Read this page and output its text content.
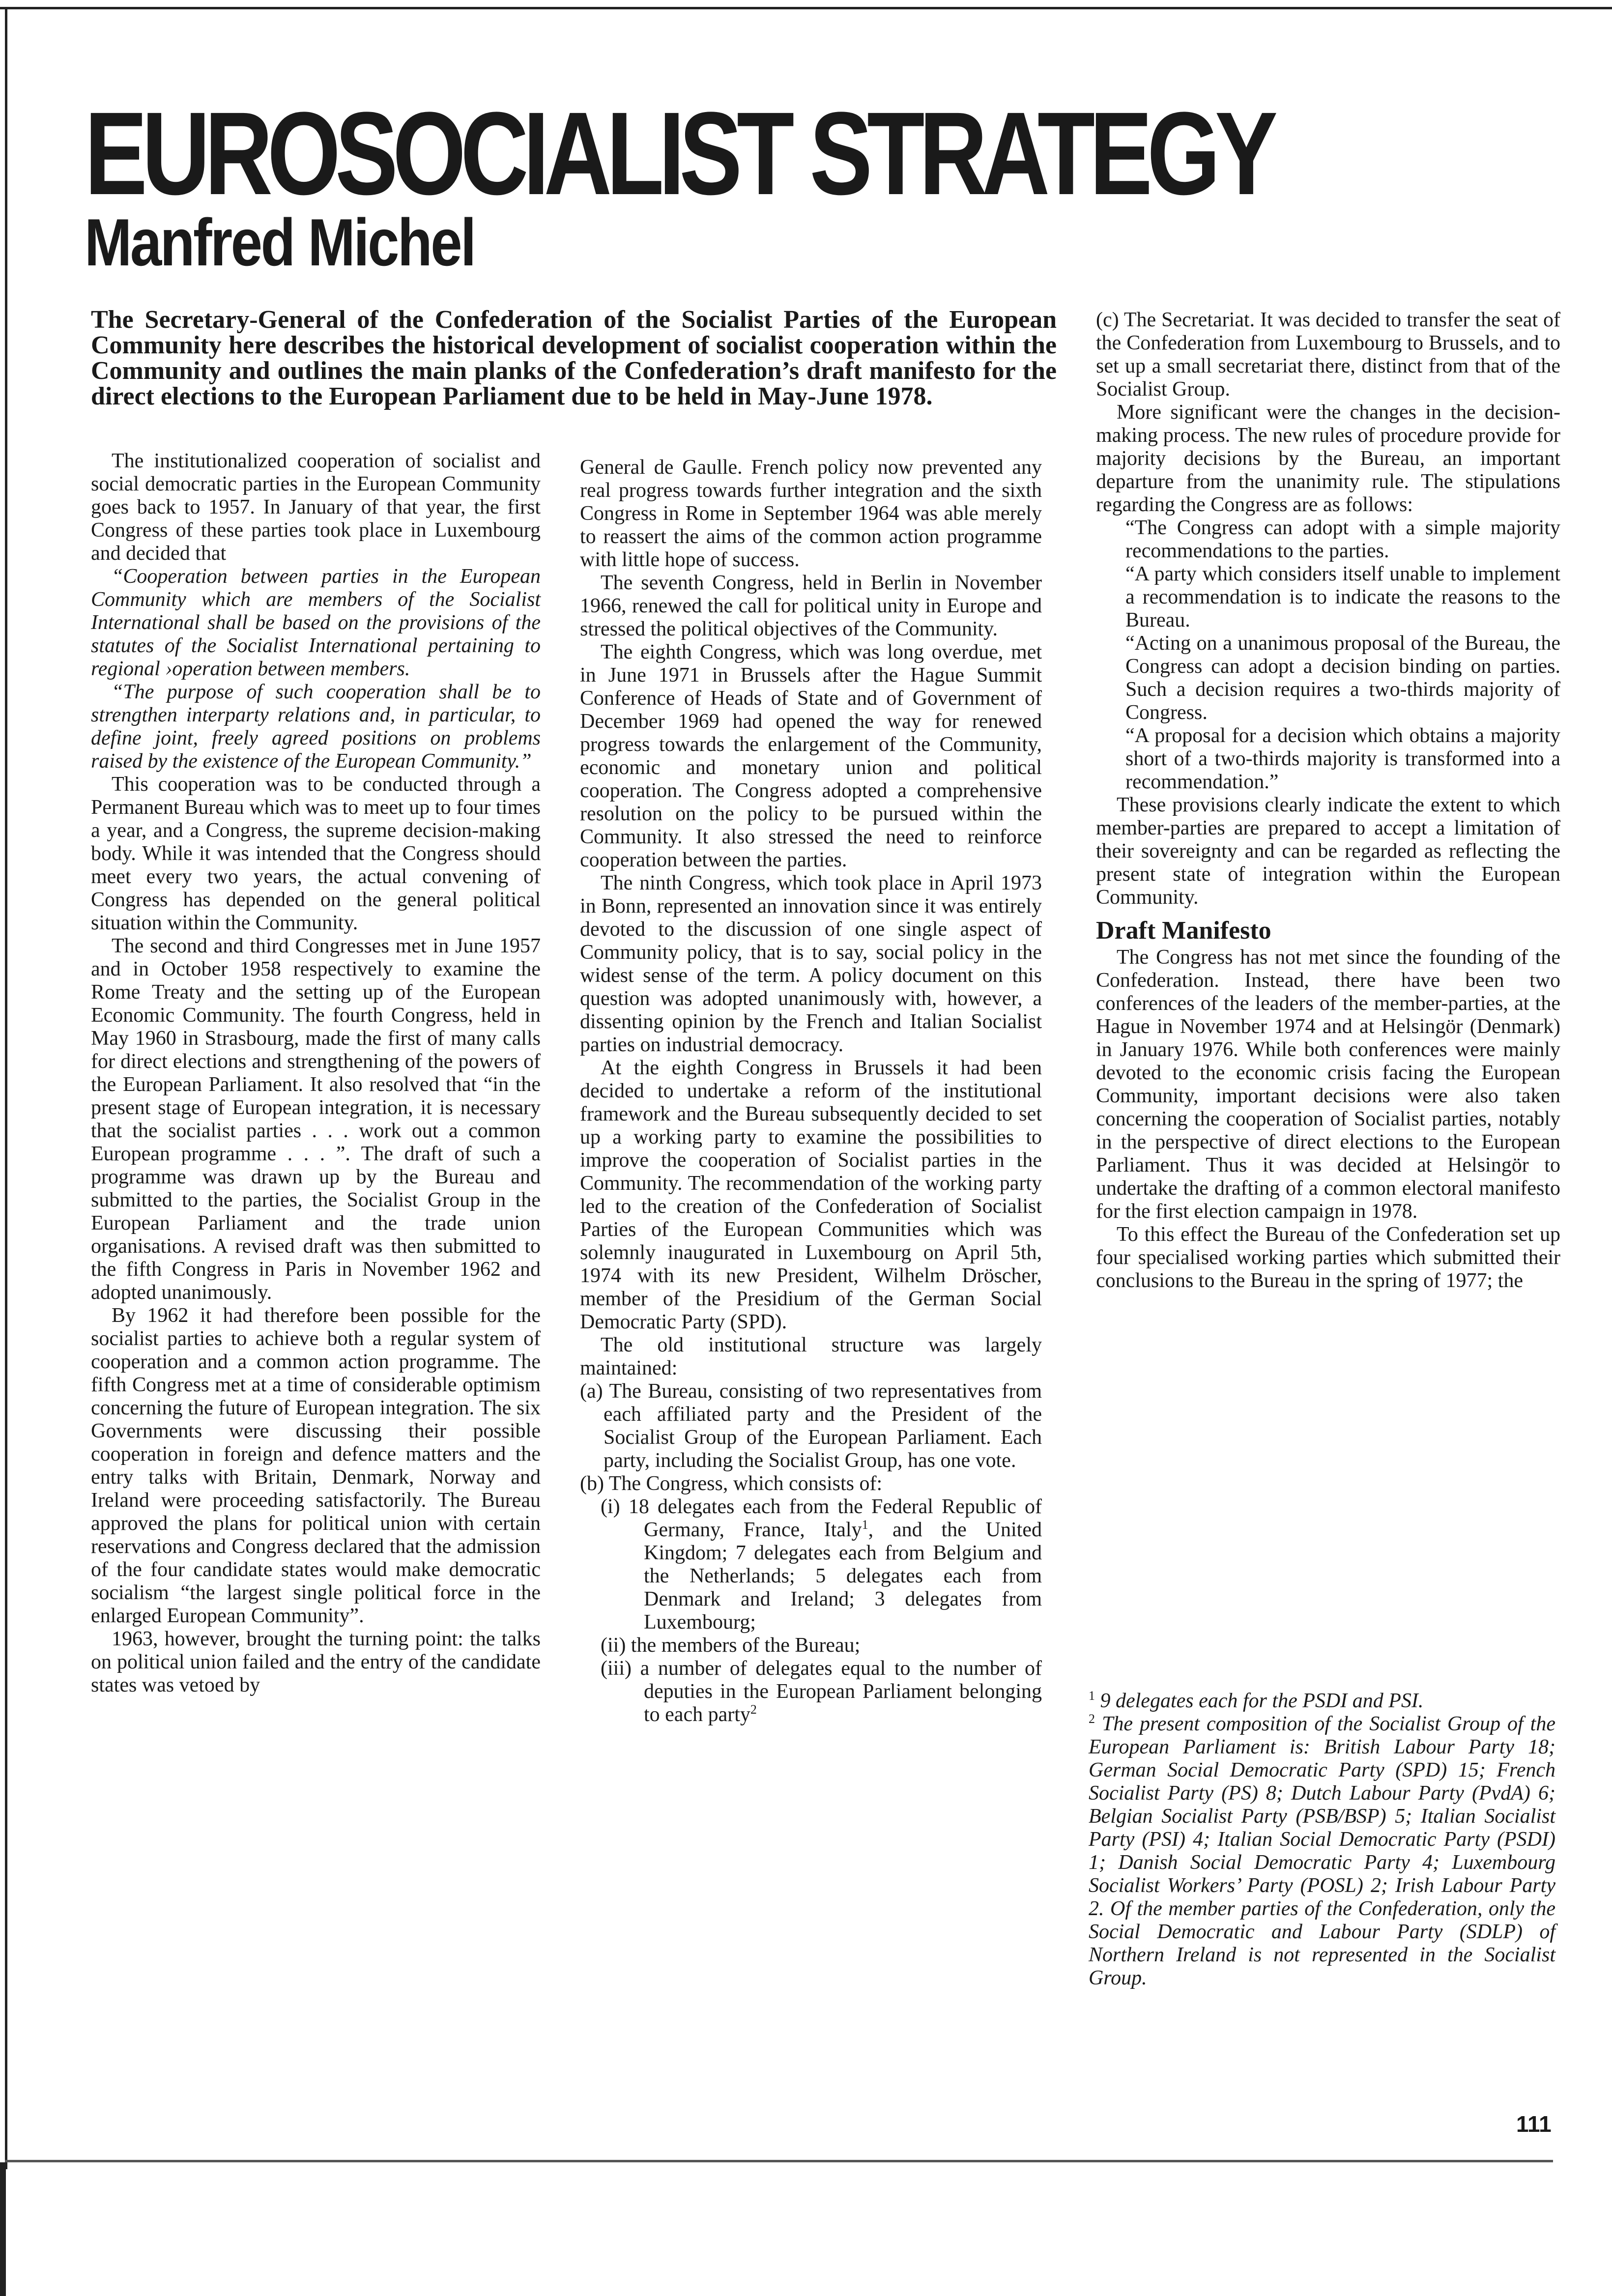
EUROSOCIALIST STRATEGY
Manfred Michel

The Secretary-General of the Confederation of the Socialist Parties of the European Community here describes the historical development of socialist cooperation within the Community and outlines the main planks of the Confederation’s draft manifesto for the direct elections to the European Parliament due to be held in May-June 1978.

The institutionalized cooperation of socialist and social democratic parties in the European Community goes back to 1957. In January of that year, the first Congress of these parties took place in Luxembourg and decided that

“Cooperation between parties in the European Community which are members of the Socialist International shall be based on the provisions of the statutes of the Socialist International pertaining to regional ›operation between members.

“The purpose of such cooperation shall be to strengthen interparty relations and, in particular, to define joint, freely agreed positions on problems raised by the existence of the European Community.”

This cooperation was to be conducted through a Permanent Bureau which was to meet up to four times a year, and a Congress, the supreme decision-making body. While it was intended that the Congress should meet every two years, the actual convening of Congress has depended on the general political situation within the Community.

The second and third Congresses met in June 1957 and in October 1958 respectively to examine the Rome Treaty and the setting up of the European Economic Community. The fourth Congress, held in May 1960 in Strasbourg, made the first of many calls for direct elections and strengthening of the powers of the European Parliament. It also resolved that “in the present stage of European integration, it is necessary that the socialist parties . . . work out a common European programme . . . ”. The draft of such a programme was drawn up by the Bureau and submitted to the parties, the Socialist Group in the European Parliament and the trade union organisations. A revised draft was then submitted to the fifth Congress in Paris in November 1962 and adopted unanimously.

By 1962 it had therefore been possible for the socialist parties to achieve both a regular system of cooperation and a common action programme. The fifth Congress met at a time of considerable optimism concerning the future of European integration. The six Governments were discussing their possible cooperation in foreign and defence matters and the entry talks with Britain, Denmark, Norway and Ireland were proceeding satisfactorily. The Bureau approved the plans for political union with certain reservations and Congress declared that the admission of the four candidate states would make democratic socialism “the largest single political force in the enlarged European Community”.

1963, however, brought the turning point: the talks on political union failed and the entry of the candidate states was vetoed by

General de Gaulle. French policy now prevented any real progress towards further integration and the sixth Congress in Rome in September 1964 was able merely to reassert the aims of the common action programme with little hope of success.

The seventh Congress, held in Berlin in November 1966, renewed the call for political unity in Europe and stressed the political objectives of the Community.

The eighth Congress, which was long overdue, met in June 1971 in Brussels after the Hague Summit Conference of Heads of State and of Government of December 1969 had opened the way for renewed progress towards the enlargement of the Community, economic and monetary union and political cooperation. The Congress adopted a comprehensive resolution on the policy to be pursued within the Community. It also stressed the need to reinforce cooperation between the parties.

The ninth Congress, which took place in April 1973 in Bonn, represented an innovation since it was entirely devoted to the discussion of one single aspect of Community policy, that is to say, social policy in the widest sense of the term. A policy document on this question was adopted unanimously with, however, a dissenting opinion by the French and Italian Socialist parties on industrial democracy.

At the eighth Congress in Brussels it had been decided to undertake a reform of the institutional framework and the Bureau subsequently decided to set up a working party to examine the possibilities to improve the cooperation of Socialist parties in the Community. The recommendation of the working party led to the creation of the Confederation of Socialist Parties of the European Communities which was solemnly inaugurated in Luxembourg on April 5th, 1974 with its new President, Wilhelm Dröscher, member of the Presidium of the German Social Democratic Party (SPD).

The old institutional structure was largely maintained:

(a) The Bureau, consisting of two representatives from each affiliated party and the President of the Socialist Group of the European Parliament. Each party, including the Socialist Group, has one vote.

(b) The Congress, which consists of:

(i) 18 delegates each from the Federal Republic of Germany, France, Italy$^1$, and the United Kingdom; 7 delegates each from Belgium and the Netherlands; 5 delegates each from Denmark and Ireland; 3 delegates from Luxembourg;

(ii) the members of the Bureau;

(iii) a number of delegates equal to the number of deputies in the European Parliament belonging to each party$^2$

(c) The Secretariat. It was decided to transfer the seat of the Confederation from Luxembourg to Brussels, and to set up a small secretariat there, distinct from that of the Socialist Group.

More significant were the changes in the decision-making process. The new rules of procedure provide for majority decisions by the Bureau, an important departure from the unanimity rule. The stipulations regarding the Congress are as follows:

“The Congress can adopt with a simple majority recommendations to the parties.

“A party which considers itself unable to implement a recommendation is to indicate the reasons to the Bureau.

“Acting on a unanimous proposal of the Bureau, the Congress can adopt a decision binding on parties. Such a decision requires a two-thirds majority of Congress.

“A proposal for a decision which obtains a majority short of a two-thirds majority is transformed into a recommendation.”

These provisions clearly indicate the extent to which member-parties are prepared to accept a limitation of their sovereignty and can be regarded as reflecting the present state of integration within the European Community.

Draft Manifesto

The Congress has not met since the founding of the Confederation. Instead, there have been two conferences of the leaders of the member-parties, at the Hague in November 1974 and at Helsingör (Denmark) in January 1976. While both conferences were mainly devoted to the economic crisis facing the European Community, important decisions were also taken concerning the cooperation of Socialist parties, notably in the perspective of direct elections to the European Parliament. Thus it was decided at Helsingör to undertake the drafting of a common electoral manifesto for the first election campaign in 1978.

To this effect the Bureau of the Confederation set up four specialised working parties which submitted their conclusions to the Bureau in the spring of 1977; the

$^1$ 9 delegates each for the PSDI and PSI.

$^2$ The present composition of the Socialist Group of the European Parliament is: British Labour Party 18; German Social Democratic Party (SPD) 15; French Socialist Party (PS) 8; Dutch Labour Party (PvdA) 6; Belgian Socialist Party (PSB/BSP) 5; Italian Socialist Party (PSI) 4; Italian Social Democratic Party (PSDI) 1; Danish Social Democratic Party 4; Luxembourg Socialist Workers’ Party (POSL) 2; Irish Labour Party 2. Of the member parties of the Confederation, only the Social Democratic and Labour Party (SDLP) of Northern Ireland is not represented in the Socialist Group.

111
